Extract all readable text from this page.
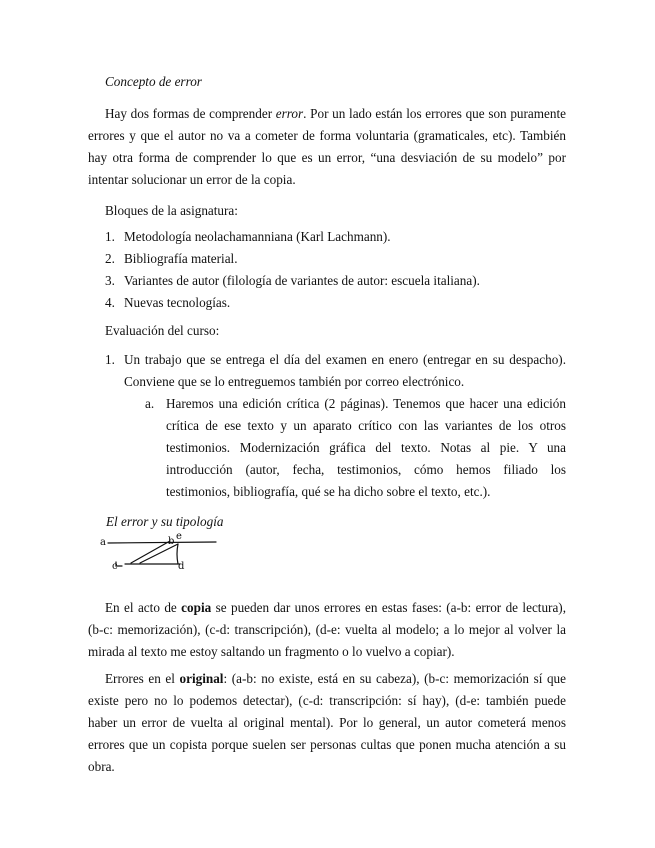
Concepto de error

Hay dos formas de comprender error. Por un lado están los errores que son puramente errores y que el autor no va a cometer de forma voluntaria (gramaticales, etc). También hay otra forma de comprender lo que es un error, “una desviación de su modelo” por intentar solucionar un error de la copia.

Bloques de la asignatura:

1. Metodología neolachamanniana (Karl Lachmann).
2. Bibliografía material.
3. Variantes de autor (filología de variantes de autor: escuela italiana).
4. Nuevas tecnologías.

Evaluación del curso:

1. Un trabajo que se entrega el día del examen en enero (entregar en su despacho). Conviene que se lo entreguemos también por correo electrónico.
a. Haremos una edición crítica (2 páginas). Tenemos que hacer una edición crítica de ese texto y un aparato crítico con las variantes de los otros testimonios. Modernización gráfica del texto. Notas al pie. Y una introducción (autor, fecha, testimonios, cómo hemos filiado los testimonios, bibliografía, qué se ha dicho sobre el texto, etc.).

El error y su tipología

a	b e
c	d

En el acto de copia se pueden dar unos errores en estas fases: (a-b: error de lectura), (b-c: memorización), (c-d: transcripción), (d-e: vuelta al modelo; a lo mejor al volver la mirada al texto me estoy saltando un fragmento o lo vuelvo a copiar).

Errores en el original: (a-b: no existe, está en su cabeza), (b-c: memorización sí que existe pero no lo podemos detectar), (c-d: transcripción: sí hay), (d-e: también puede haber un error de vuelta al original mental). Por lo general, un autor cometerá menos errores que un copista porque suelen ser personas cultas que ponen mucha atención a su obra.
